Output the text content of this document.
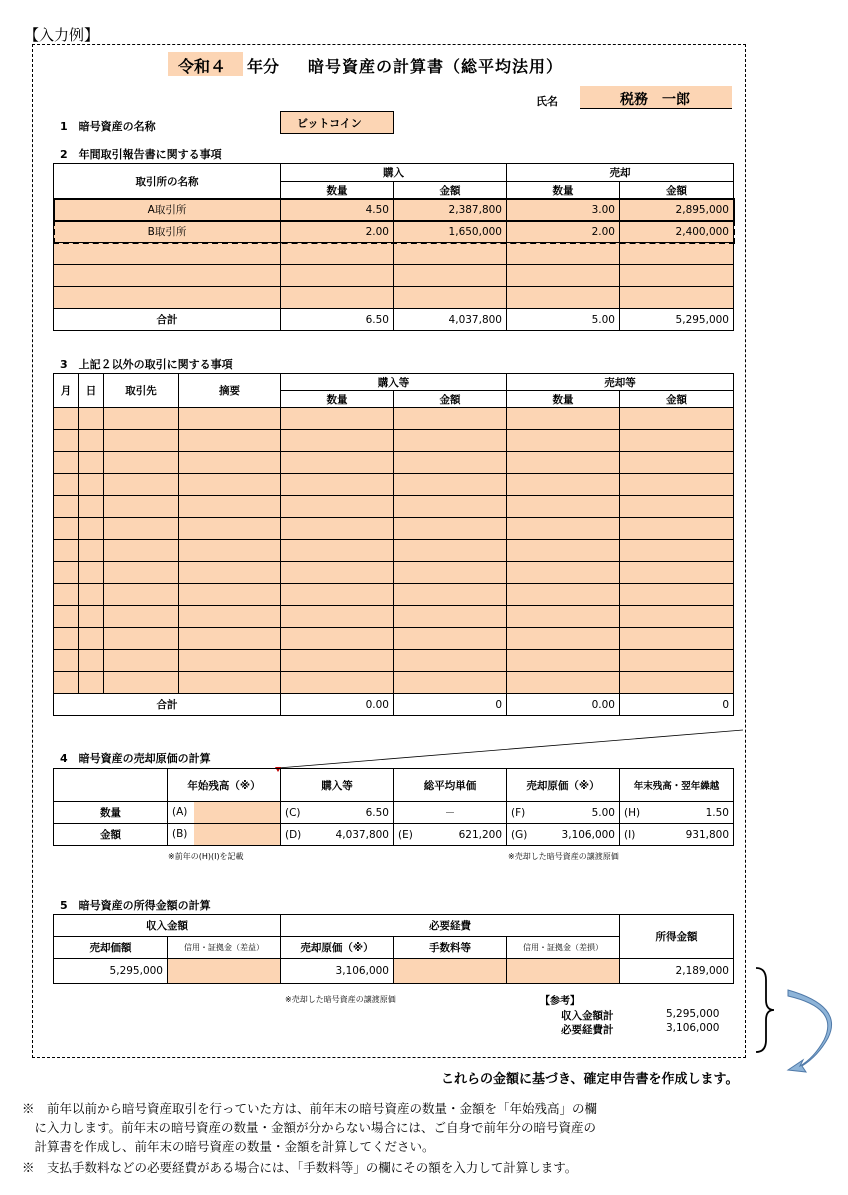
【入力例】
令和４ 年分 暗号資産の計算書（総平均法用）
氏名	税務　一郎
1　暗号資産の名称	ビットコイン
2　年間取引報告書に関する事項
取引所の名称	購入		売却	
	数量	金額	数量	金額
A取引所	4.50	2,387,800	3.00	2,895,000
B取引所	2.00	1,650,000	2.00	2,400,000

合計	6.50	4,037,800	5.00	5,295,000
3　上記２以外の取引に関する事項
月	日	取引先	摘要	購入等		売却等	
				数量	金額	数量	金額

合計				0.00	0	0.00	0
4　暗号資産の売却原価の計算
	年始残高（※）	購入等	総平均単価	売却原価（※）	年末残高・翌年繰越
数量	(A)	(C) 6.50	－	(F) 5.00	(H) 1.50

金額	(B)	(D) 4,037,800	(E) 621,200	(G) 3,106,000	(I) 931,800
※前年の(H)(I)を記載	※売却した暗号資産の譲渡原価
5　暗号資産の所得金額の計算
収入金額		必要経費			所得金額
売却価額	信用・証拠金（差益）	売却原価（※）	手数料等	信用・証拠金（差損）	
5,295,000		3,106,000			2,189,000
※売却した暗号資産の譲渡原価	【参考】
収入金額計	5,295,000
必要経費計	3,106,000
これらの金額に基づき、確定申告書を作成します。
※　前年以前から暗号資産取引を行っていた方は、前年末の暗号資産の数量・金額を「年始残高」の欄
　に入力します。前年末の暗号資産の数量・金額が分からない場合には、ご自身で前年分の暗号資産の
　計算書を作成し、前年末の暗号資産の数量・金額を計算してください。
※　支払手数料などの必要経費がある場合には、「手数料等」の欄にその額を入力して計算します。
